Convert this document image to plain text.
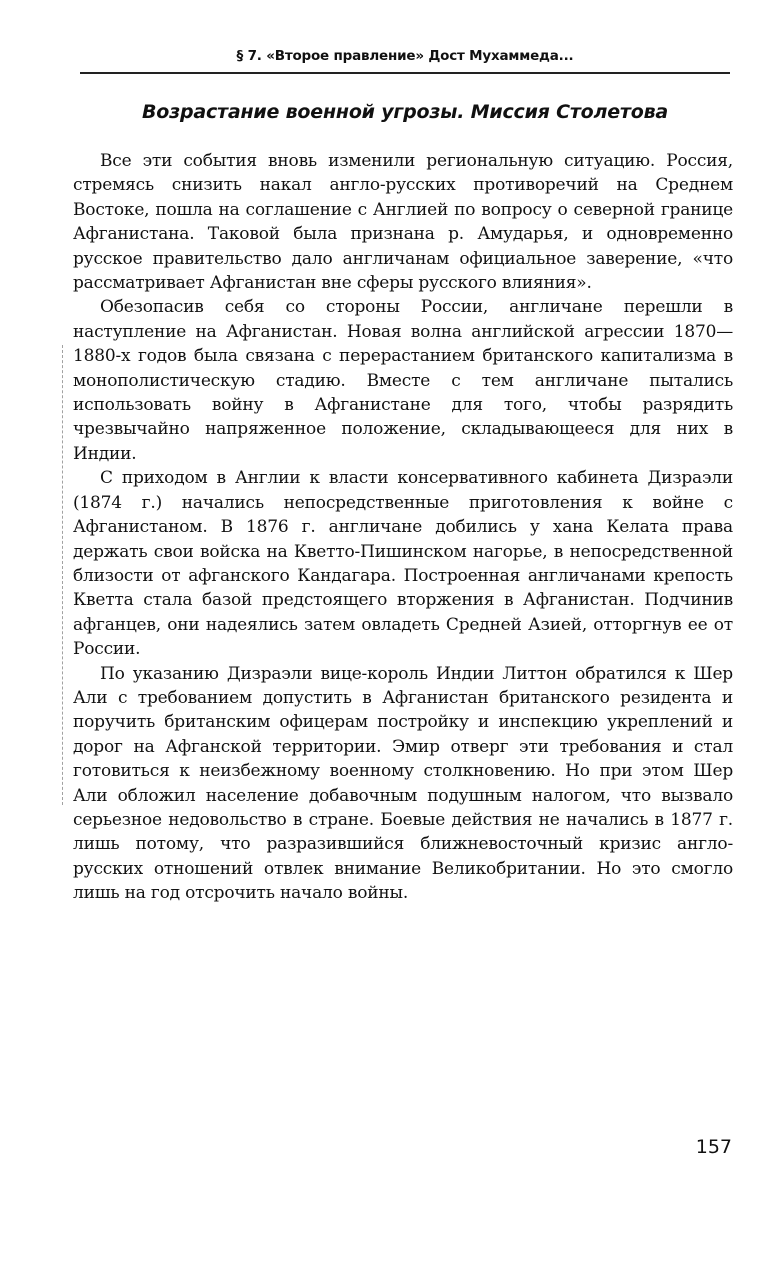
§ 7. «Второе правление» Дост Мухаммеда...
Возрастание военной угрозы. Миссия Столетова

Все эти события вновь изменили региональную ситуацию. Россия, стремясь снизить накал англо-русских противоречий на Среднем Востоке, пошла на соглашение с Англией по вопросу о северной границе Афганистана. Таковой была признана р. Амударья, и одновременно русское правительство дало англичанам официальное заверение, «что рассматривает Афганистан вне сферы русского влияния».

Обезопасив себя со стороны России, англичане перешли в наступление на Афганистан. Новая волна английской агрессии 1870—1880-х годов была связана с перерастанием британского капитализма в монополистическую стадию. Вместе с тем англичане пытались использовать войну в Афганистане для того, чтобы разрядить чрезвычайно напряженное положение, складывающееся для них в Индии.

С приходом в Англии к власти консервативного кабинета Дизраэли (1874 г.) начались непосредственные приготовления к войне с Афганистаном. В 1876 г. англичане добились у хана Келата права держать свои войска на Кветто-Пишинском нагорье, в непосредственной близости от афганского Кандагара. Построенная англичанами крепость Кветта стала базой предстоящего вторжения в Афганистан. Подчинив афганцев, они надеялись затем овладеть Средней Азией, отторгнув ее от России.

По указанию Дизраэли вице-король Индии Литтон обратился к Шер Али с требованием допустить в Афганистан британского резидента и поручить британским офицерам постройку и инспекцию укреплений и дорог на Афганской территории. Эмир отверг эти требования и стал готовиться к неизбежному военному столкновению. Но при этом Шер Али обложил население добавочным подушным налогом, что вызвало серьезное недовольство в стране. Боевые действия не начались в 1877 г. лишь потому, что разразившийся ближневосточный кризис англо-русских отношений отвлек внимание Великобритании. Но это смогло лишь на год отсрочить начало войны.

157
